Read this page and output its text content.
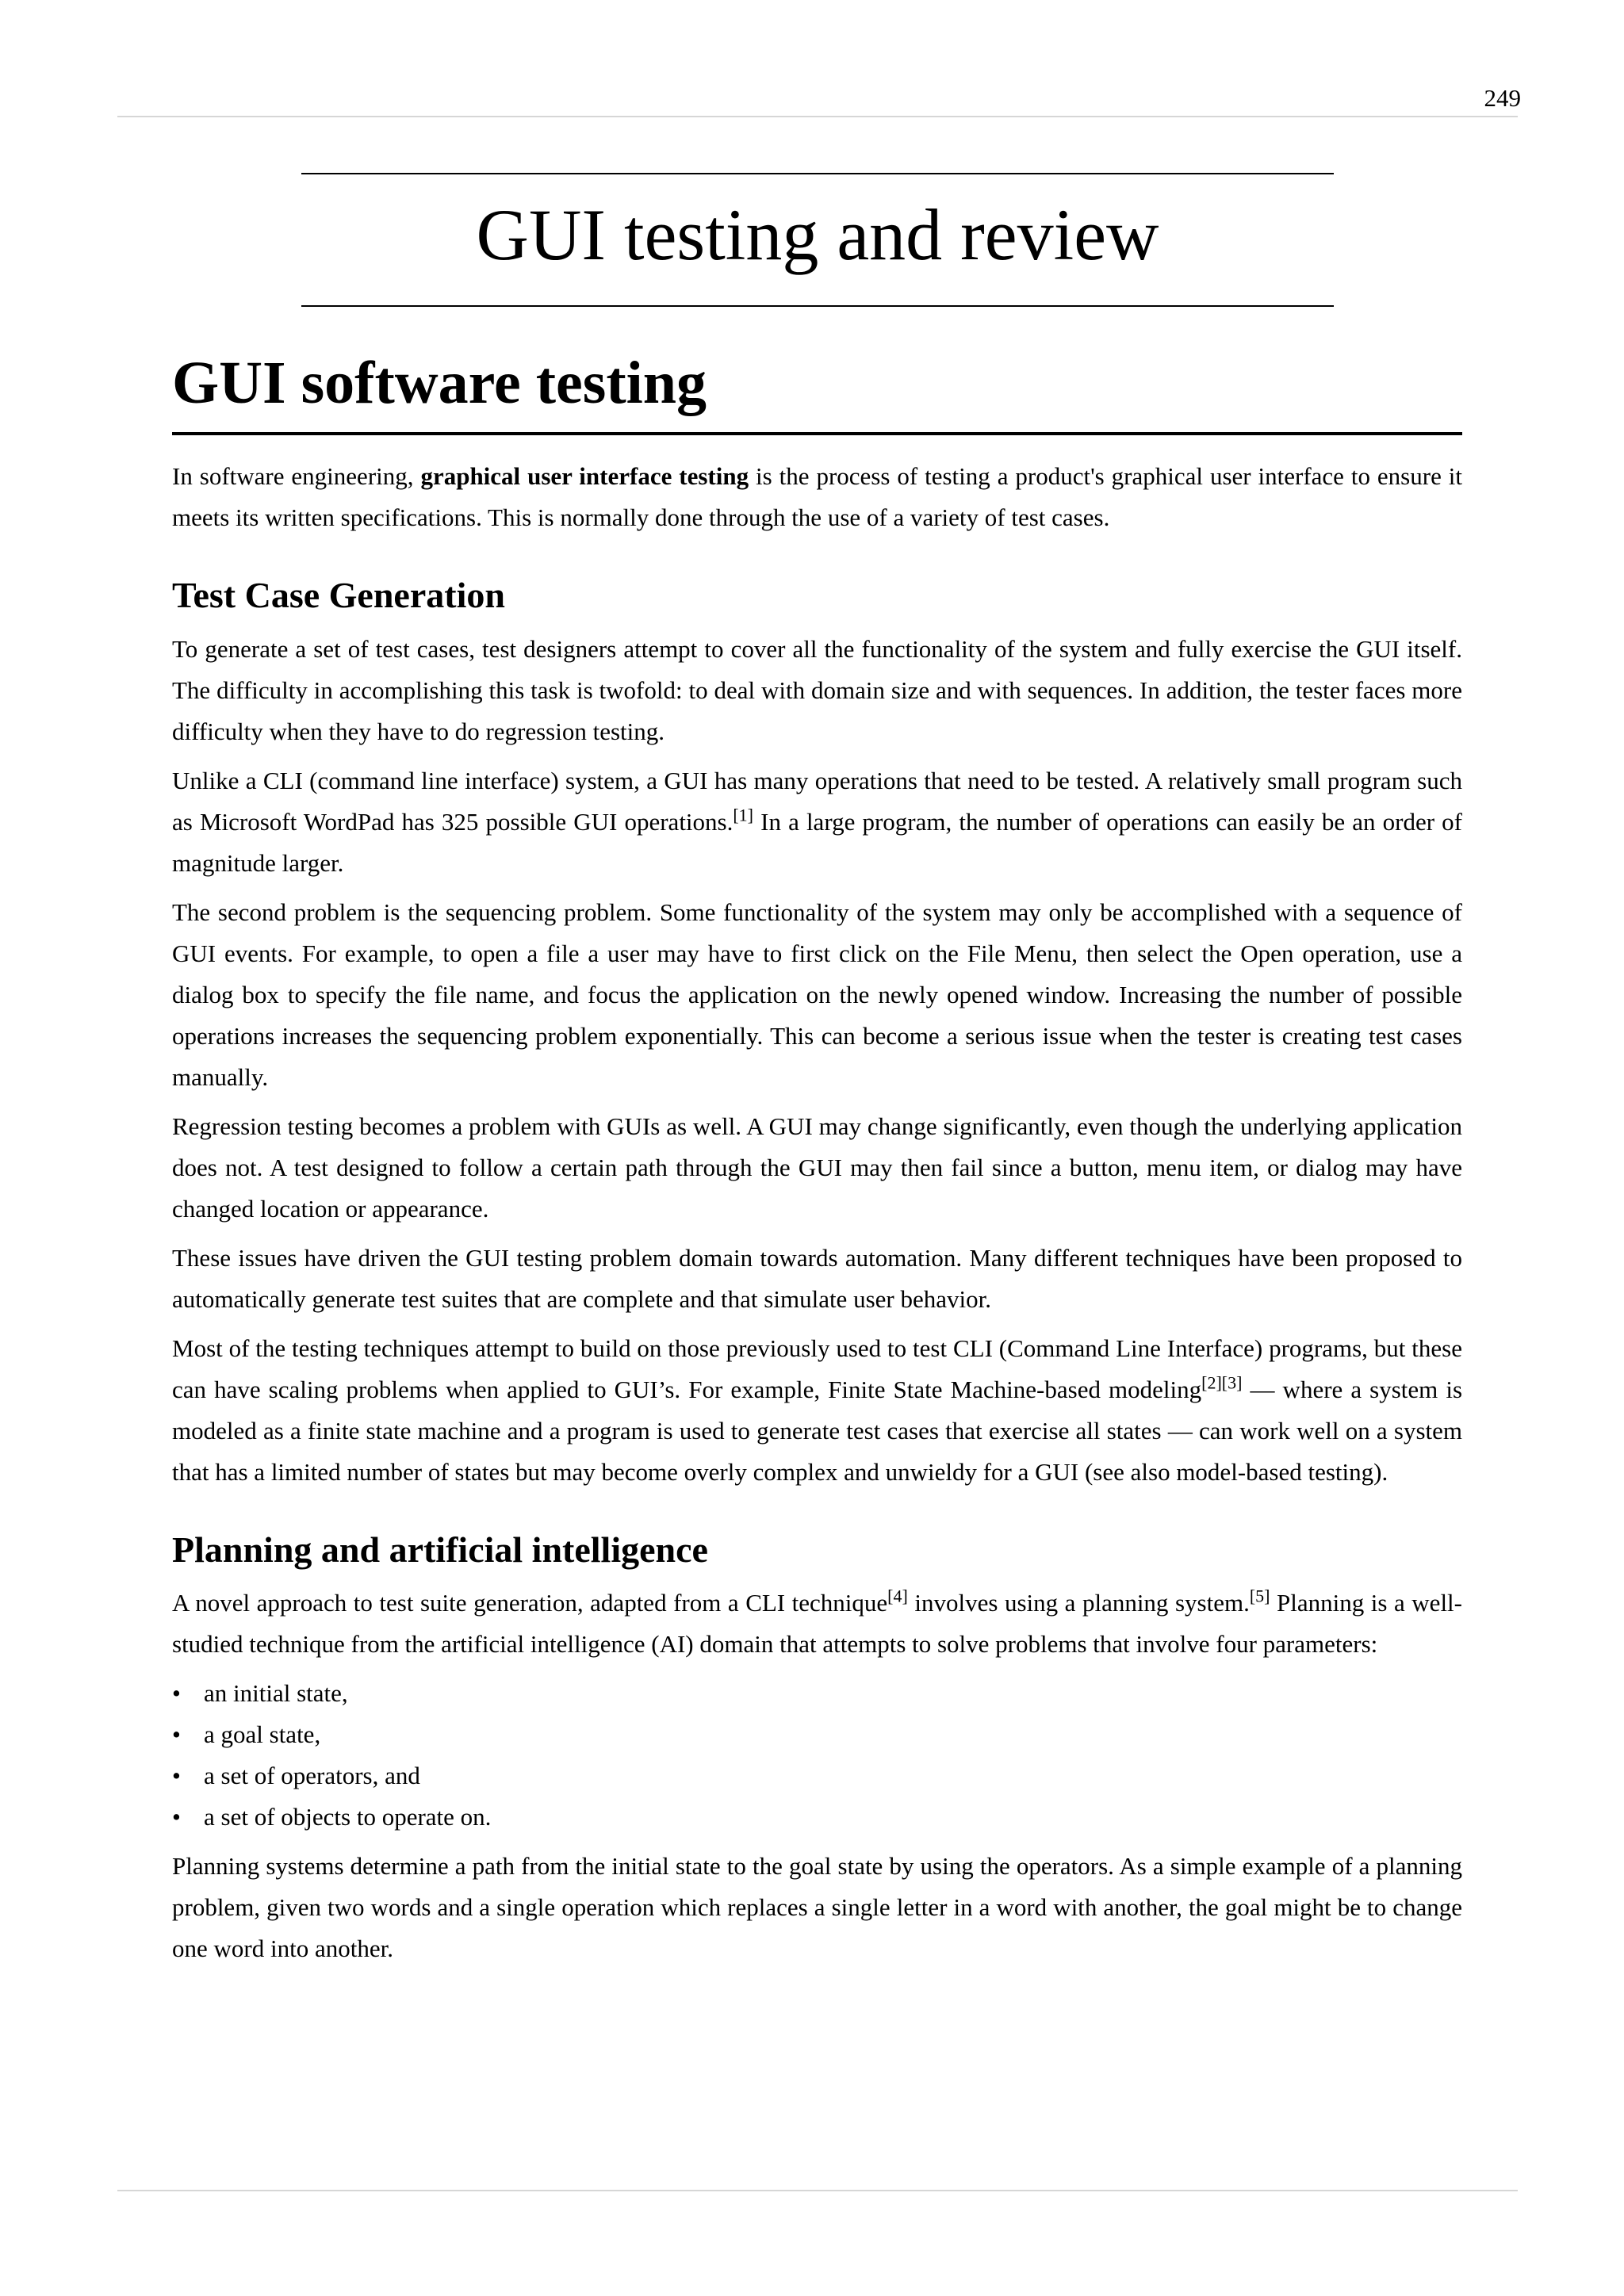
249
GUI testing and review
GUI software testing

In software engineering, graphical user interface testing is the process of testing a product's graphical user interface to ensure it meets its written specifications. This is normally done through the use of a variety of test cases.

Test Case Generation

To generate a set of test cases, test designers attempt to cover all the functionality of the system and fully exercise the GUI itself. The difficulty in accomplishing this task is twofold: to deal with domain size and with sequences. In addition, the tester faces more difficulty when they have to do regression testing.

Unlike a CLI (command line interface) system, a GUI has many operations that need to be tested. A relatively small program such as Microsoft WordPad has 325 possible GUI operations.[1] In a large program, the number of operations can easily be an order of magnitude larger.

The second problem is the sequencing problem. Some functionality of the system may only be accomplished with a sequence of GUI events. For example, to open a file a user may have to first click on the File Menu, then select the Open operation, use a dialog box to specify the file name, and focus the application on the newly opened window. Increasing the number of possible operations increases the sequencing problem exponentially. This can become a serious issue when the tester is creating test cases manually.

Regression testing becomes a problem with GUIs as well. A GUI may change significantly, even though the underlying application does not. A test designed to follow a certain path through the GUI may then fail since a button, menu item, or dialog may have changed location or appearance.

These issues have driven the GUI testing problem domain towards automation. Many different techniques have been proposed to automatically generate test suites that are complete and that simulate user behavior.

Most of the testing techniques attempt to build on those previously used to test CLI (Command Line Interface) programs, but these can have scaling problems when applied to GUI’s. For example, Finite State Machine-based modeling[2][3] — where a system is modeled as a finite state machine and a program is used to generate test cases that exercise all states — can work well on a system that has a limited number of states but may become overly complex and unwieldy for a GUI (see also model-based testing).

Planning and artificial intelligence

A novel approach to test suite generation, adapted from a CLI technique[4] involves using a planning system.[5] Planning is a well-studied technique from the artificial intelligence (AI) domain that attempts to solve problems that involve four parameters:

• an initial state,
• a goal state,
• a set of operators, and
• a set of objects to operate on.

Planning systems determine a path from the initial state to the goal state by using the operators. As a simple example of a planning problem, given two words and a single operation which replaces a single letter in a word with another, the goal might be to change one word into another.
